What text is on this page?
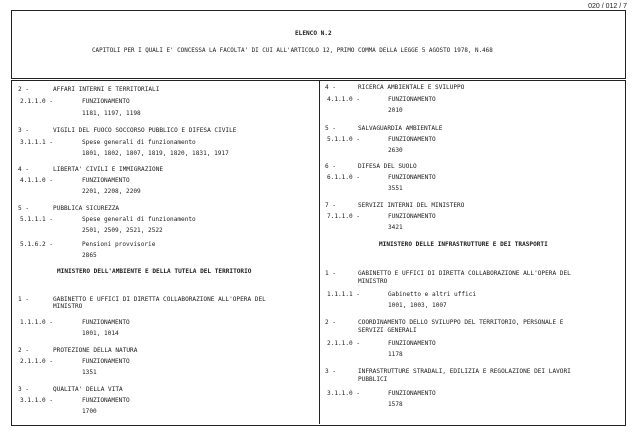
020 / 012 / 7
ELENCO N.2
CAPITOLI PER I QUALI E' CONCESSA LA FACOLTA' DI CUI ALL'ARTICOLO 12, PRIMO COMMA DELLA LEGGE 5 AGOSTO 1978, N.468
2 -	AFFARI INTERNI E TERRITORIALI
2.1.1.0 -	FUNZIONAMENTO
1181, 1197, 1198
3 -	VIGILI DEL FUOCO SOCCORSO PUBBLICO E DIFESA CIVILE
3.1.1.1 -	Spese generali di funzionamento
1801, 1802, 1807, 1819, 1820, 1831, 1917
4 -	LIBERTA' CIVILI E IMMIGRAZIONE
4.1.1.0 -	FUNZIONAMENTO
2201, 2208, 2209
5 -	PUBBLICA SICUREZZA
5.1.1.1 -	Spese generali di funzionamento
2501, 2509, 2521, 2522
5.1.6.2 -	Pensioni provvisorie
2865
MINISTERO DELL'AMBIENTE E DELLA TUTELA DEL TERRITORIO
1 -	GABINETTO E UFFICI DI DIRETTA COLLABORAZIONE ALL'OPERA DEL
MINISTRO
1.1.1.0 -	FUNZIONAMENTO
1001, 1014
2 -	PROTEZIONE DELLA NATURA
2.1.1.0 -	FUNZIONAMENTO
1351
3 -	QUALITA' DELLA VITA
3.1.1.0 -	FUNZIONAMENTO
1700
4 -	RICERCA AMBIENTALE E SVILUPPO
4.1.1.0 -	FUNZIONAMENTO
2010
5 -	SALVAGUARDIA AMBIENTALE
5.1.1.0 -	FUNZIONAMENTO
2630
6 -	DIFESA DEL SUOLO
6.1.1.0 -	FUNZIONAMENTO
3551
7 -	SERVIZI INTERNI DEL MINISTERO
7.1.1.0 -	FUNZIONAMENTO
3421
MINISTERO DELLE INFRASTRUTTURE E DEI TRASPORTI
1 -	GABINETTO E UFFICI DI DIRETTA COLLABORAZIONE ALL'OPERA DEL
MINISTRO
1.1.1.1 -	Gabinetto e altri uffici
1001, 1003, 1007
2 -	COORDINAMENTO DELLO SVILUPPO DEL TERRITORIO, PERSONALE E
SERVIZI GENERALI
2.1.1.0 -	FUNZIONAMENTO
1178
3 -	INFRASTRUTTURE STRADALI, EDILIZIA E REGOLAZIONE DEI LAVORI
PUBBLICI
3.1.1.0 -	FUNZIONAMENTO
1578
